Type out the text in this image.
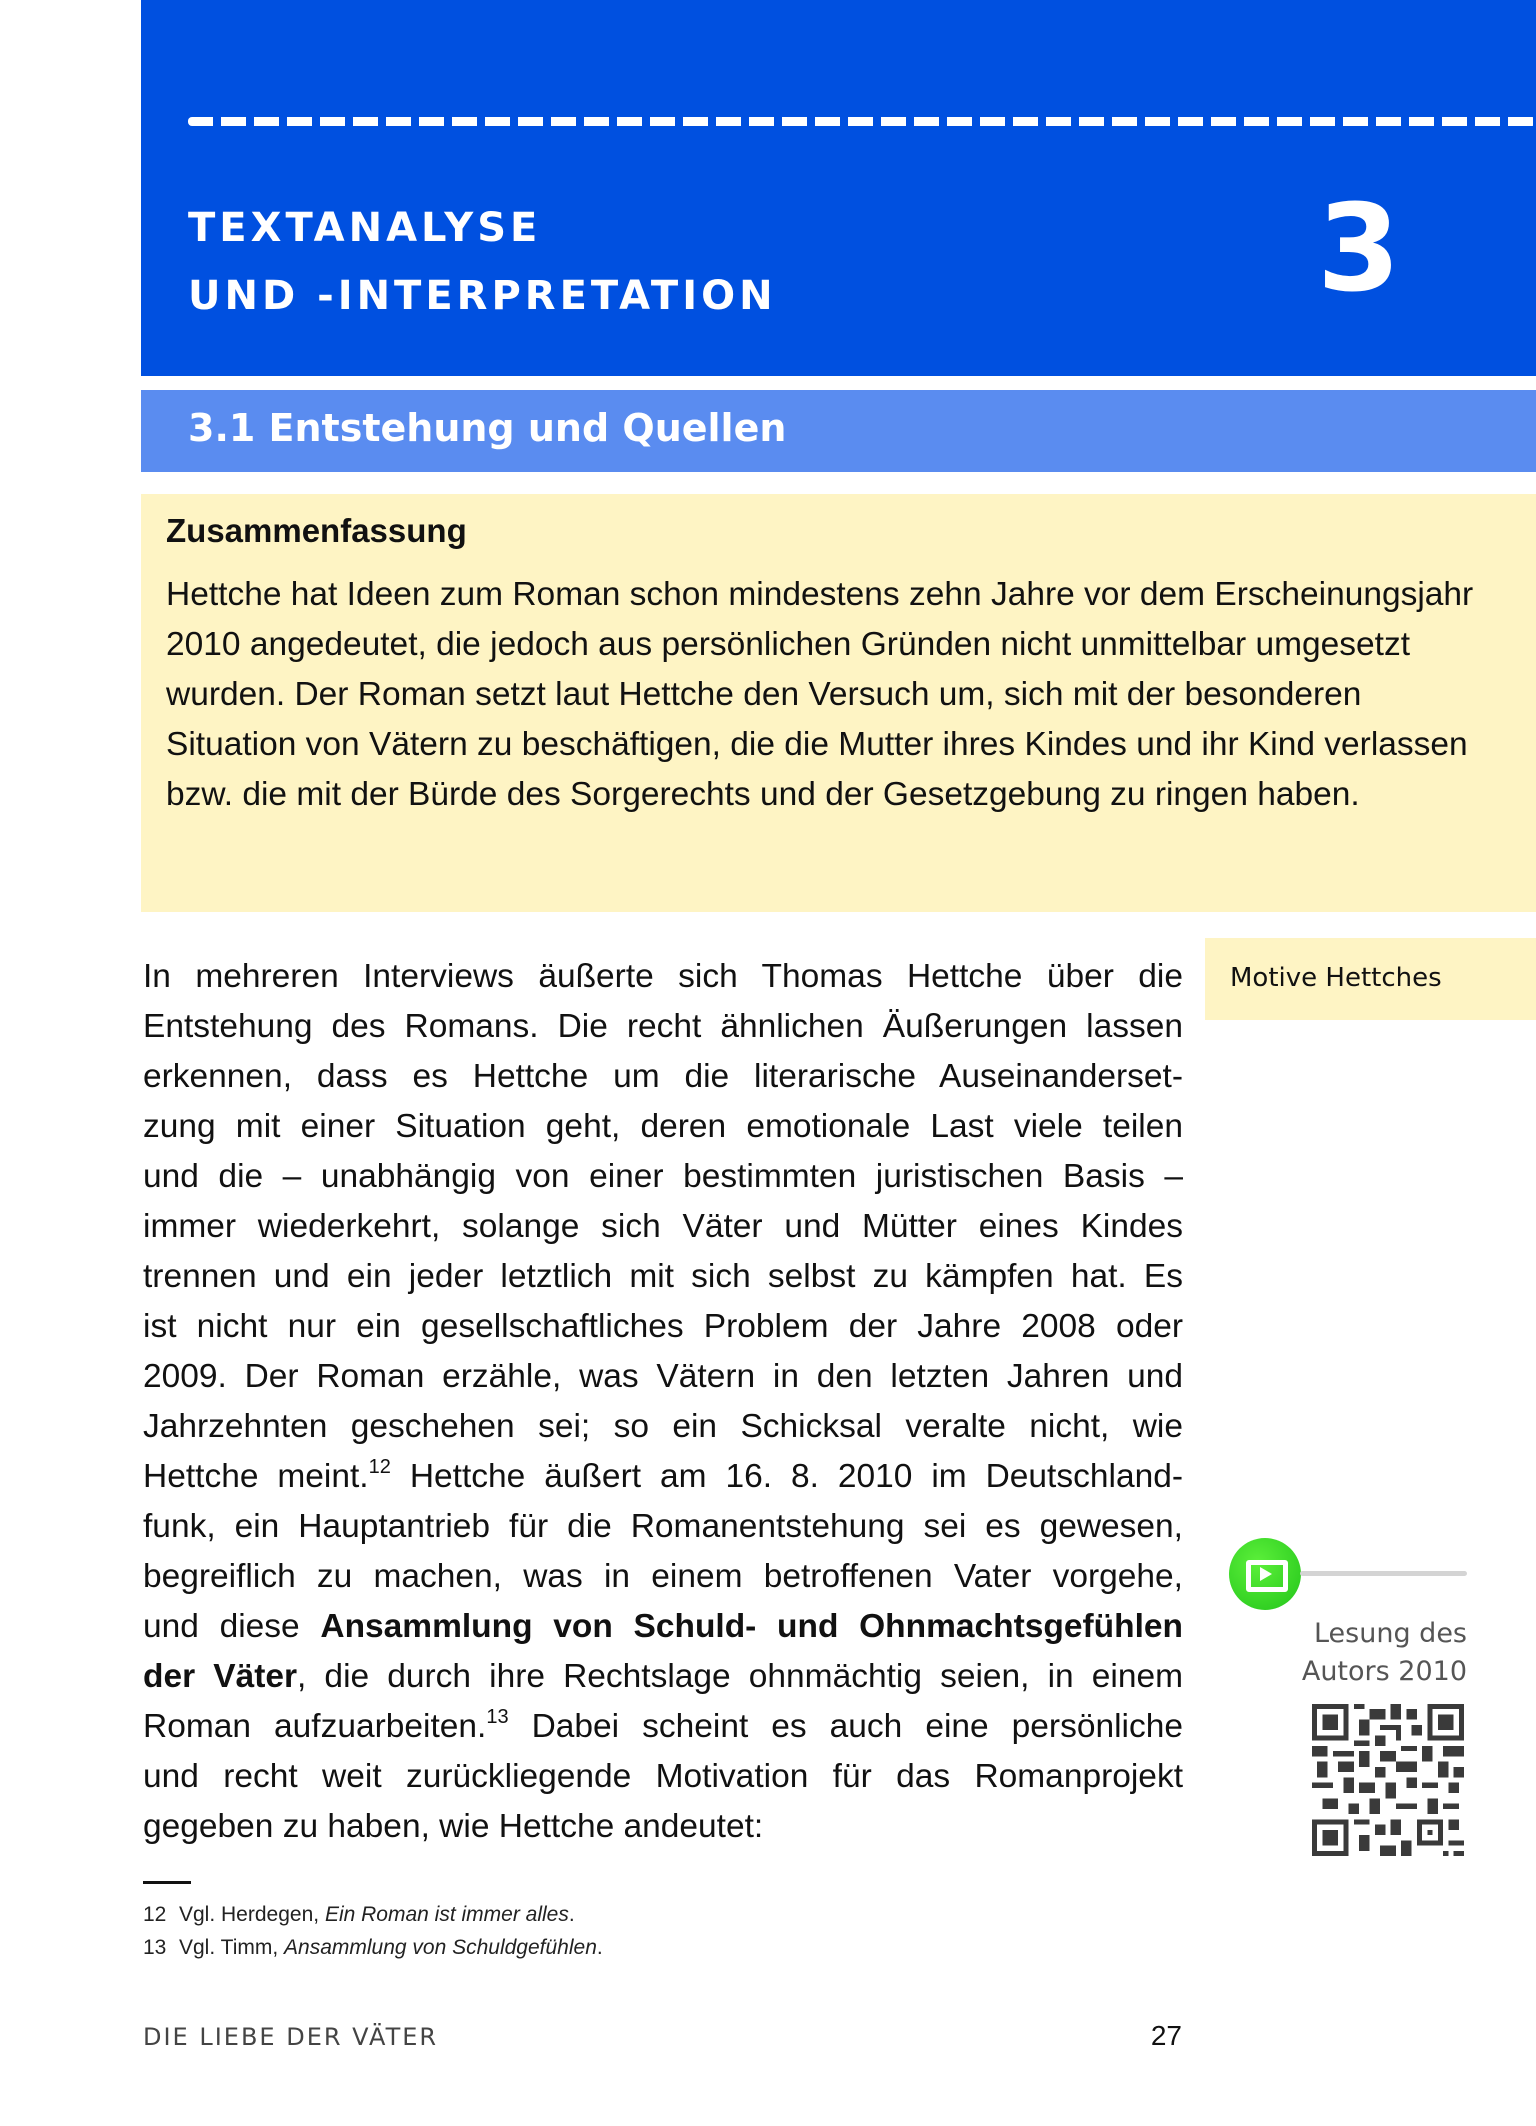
TEXTANALYSE
UND -INTERPRETATION	3
3.1 Entstehung und Quellen
Zusammenfassung
Hettche hat Ideen zum Roman schon mindestens zehn Jahre vor dem Erscheinungsjahr 2010 angedeutet, die jedoch aus persönlichen Gründen nicht unmittelbar umgesetzt wurden. Der Roman setzt laut Hettche den Versuch um, sich mit der besonderen Situation von Vätern zu beschäftigen, die die Mutter ihres Kindes und ihr Kind verlassen bzw. die mit der Bürde des Sorgerechts und der Gesetzgebung zu ringen haben.
In mehreren Interviews äußerte sich Thomas Hettche über die
Entstehung des Romans. Die recht ähnlichen Äußerungen lassen
erkennen, dass es Hettche um die literarische Auseinanderset-
zung mit einer Situation geht, deren emotionale Last viele teilen
und die – unabhängig von einer bestimmten juristischen Basis –
immer wiederkehrt, solange sich Väter und Mütter eines Kindes
trennen und ein jeder letztlich mit sich selbst zu kämpfen hat. Es
ist nicht nur ein gesellschaftliches Problem der Jahre 2008 oder
2009. Der Roman erzähle, was Vätern in den letzten Jahren und
Jahrzehnten geschehen sei; so ein Schicksal veralte nicht, wie
Hettche meint.$^{12}$ Hettche äußert am 16. 8. 2010 im Deutschland-
funk, ein Hauptantrieb für die Romanentstehung sei es gewesen,
begreiflich zu machen, was in einem betroffenen Vater vorgehe,
und diese Ansammlung von Schuld- und Ohnmachtsgefühlen
der Väter, die durch ihre Rechtslage ohnmächtig seien, in einem
Roman aufzuarbeiten.$^{13}$ Dabei scheint es auch eine persönliche
und recht weit zurückliegende Motivation für das Romanprojekt
gegeben zu haben, wie Hettche andeutet:
Motive Hettches
Lesung des
Autors 2010
12 Vgl. Herdegen, Ein Roman ist immer alles.
13 Vgl. Timm, Ansammlung von Schuldgefühlen.
DIE LIEBE DER VÄTER	27
